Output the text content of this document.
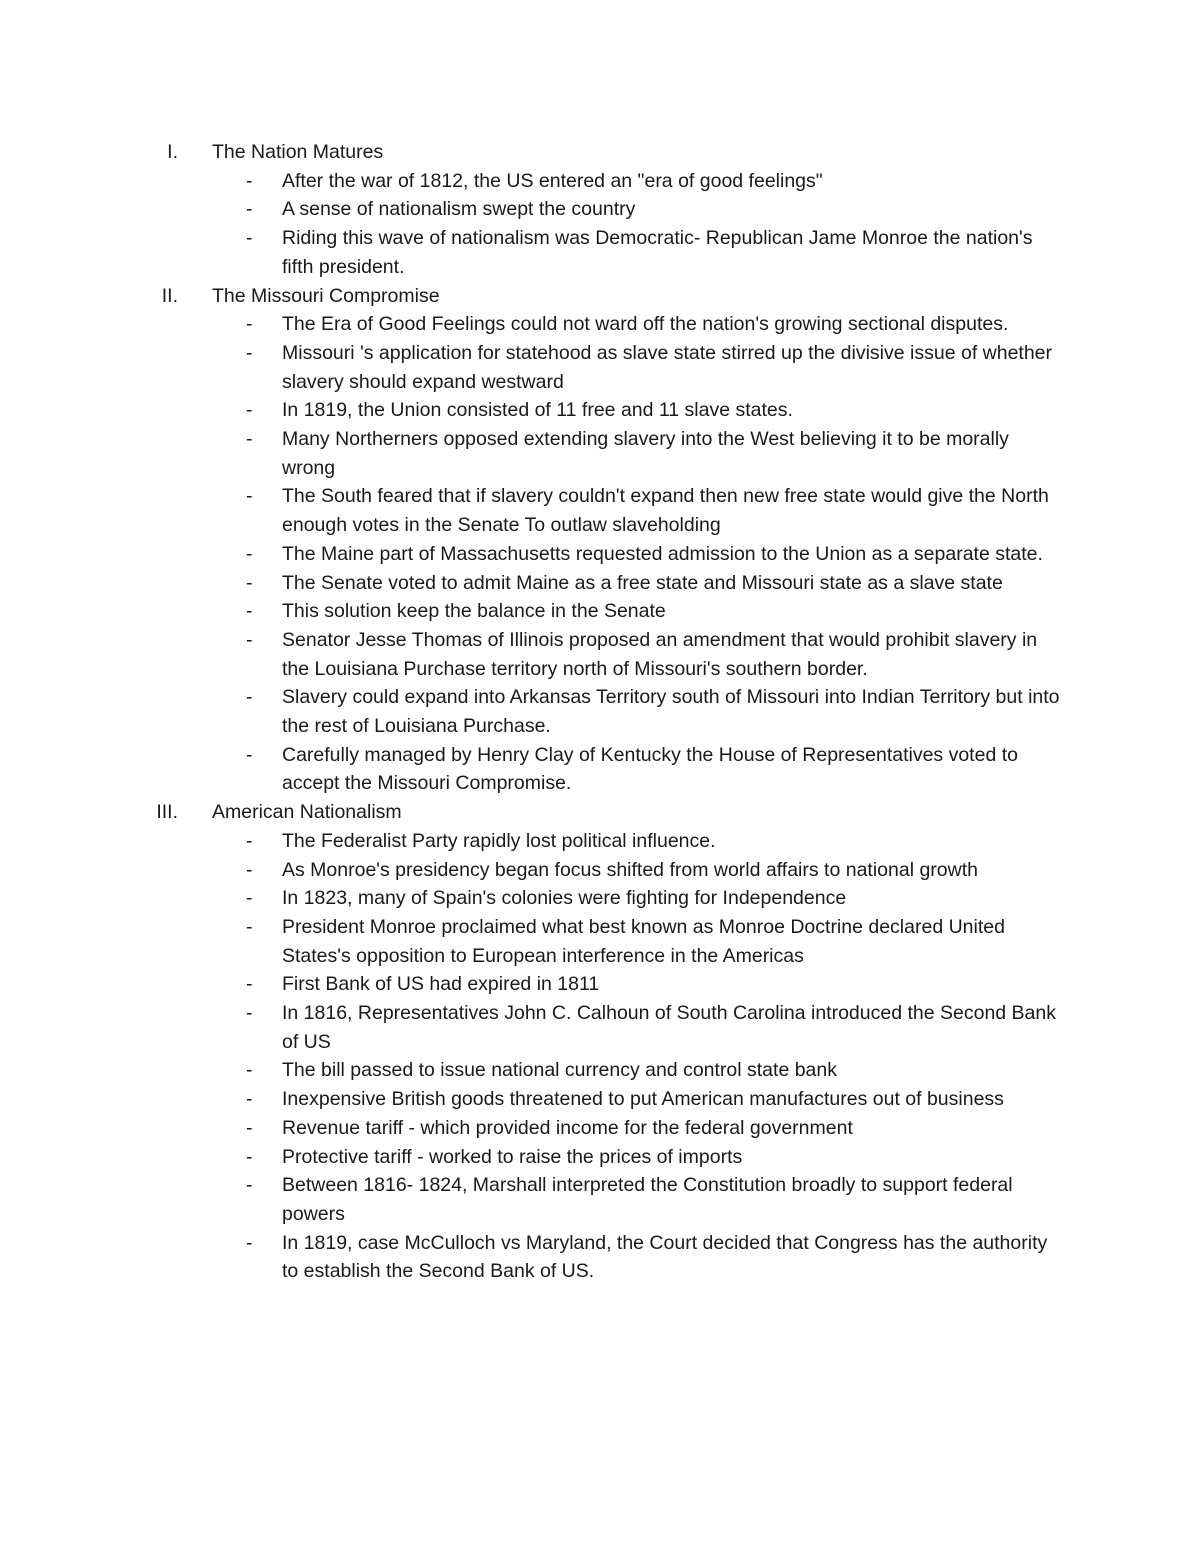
I. The Nation Matures
- After the war of 1812, the US entered an "era of good feelings"
- A sense of nationalism swept the country
- Riding this wave of nationalism was Democratic- Republican Jame Monroe the nation's fifth president.
II. The Missouri Compromise
- The Era of Good Feelings could not ward off the nation's growing sectional disputes.
- Missouri 's application for statehood as slave state stirred up the divisive issue of whether slavery should expand westward
- In 1819, the Union consisted of 11 free and 11 slave states.
- Many Northerners opposed extending slavery into the West believing it to be morally wrong
- The South feared that if slavery couldn't expand then new free state would give the North enough votes in the Senate To outlaw slaveholding
- The Maine part of Massachusetts requested admission to the Union as a separate state.
- The Senate voted to admit Maine as a free state and Missouri state as a slave state
- This solution keep the balance in the Senate
- Senator Jesse Thomas of Illinois proposed an amendment that would prohibit slavery in the Louisiana Purchase territory north of Missouri's southern border.
- Slavery could expand into Arkansas Territory south of Missouri into Indian Territory but into the rest of Louisiana Purchase.
- Carefully managed by Henry Clay of Kentucky the House of Representatives voted to accept the Missouri Compromise.
III. American Nationalism
- The Federalist Party rapidly lost political influence.
- As Monroe's presidency began focus shifted from world affairs to national growth
- In 1823, many of Spain's colonies were fighting for Independence
- President Monroe proclaimed what best known as Monroe Doctrine declared United States's opposition to European interference in the Americas
- First Bank of US had expired in 1811
- In 1816, Representatives John C. Calhoun of South Carolina introduced the Second Bank of US
- The bill passed to issue national currency and control state bank
- Inexpensive British goods threatened to put American manufactures out of business
- Revenue tariff - which provided income for the federal government
- Protective tariff - worked to raise the prices of imports
- Between 1816- 1824, Marshall interpreted the Constitution broadly to support federal powers
- In 1819, case McCulloch vs Maryland, the Court decided that Congress has the authority to establish the Second Bank of US.
